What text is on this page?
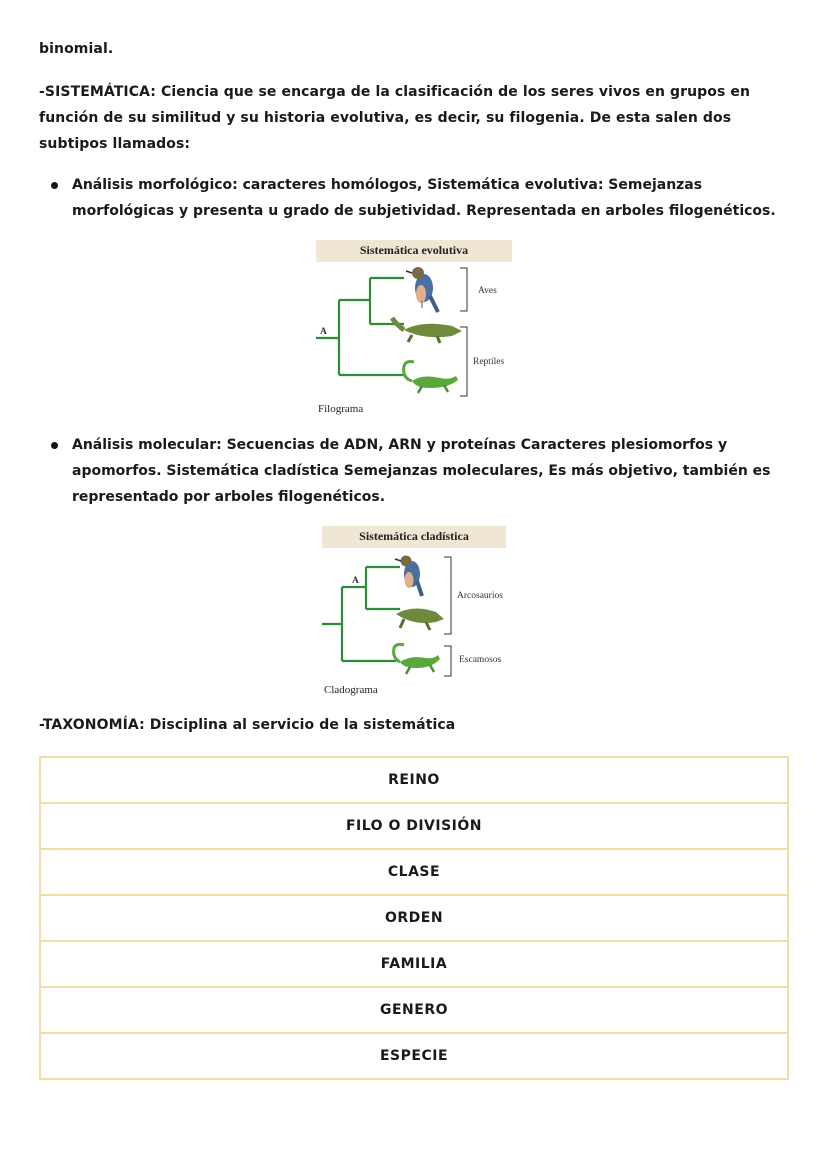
binomial.

-SISTEMÁTICA: Ciencia que se encarga de la clasificación de los seres vivos en grupos en función de su similitud y su historia evolutiva, es decir, su filogenia. De esta salen dos subtipos llamados:

Análisis morfológico: caracteres homólogos, Sistemática evolutiva: Semejanzas morfológicas y presenta u grado de subjetividad. Representada en arboles filogenéticos.

Sistemática evolutiva
A
Aves
Reptiles
Filograma

Análisis molecular: Secuencias de ADN, ARN y proteínas Caracteres plesiomorfos y apomorfos. Sistemática cladística Semejanzas moleculares, Es más objetivo, también es representado por arboles filogenéticos.

Sistemática cladística
A
Arcosaurios
Escamosos
Cladograma

-TAXONOMÍA: Disciplina al servicio de la sistemática

REINO
FILO O DIVISIÓN
CLASE
ORDEN
FAMILIA
GENERO
ESPECIE
